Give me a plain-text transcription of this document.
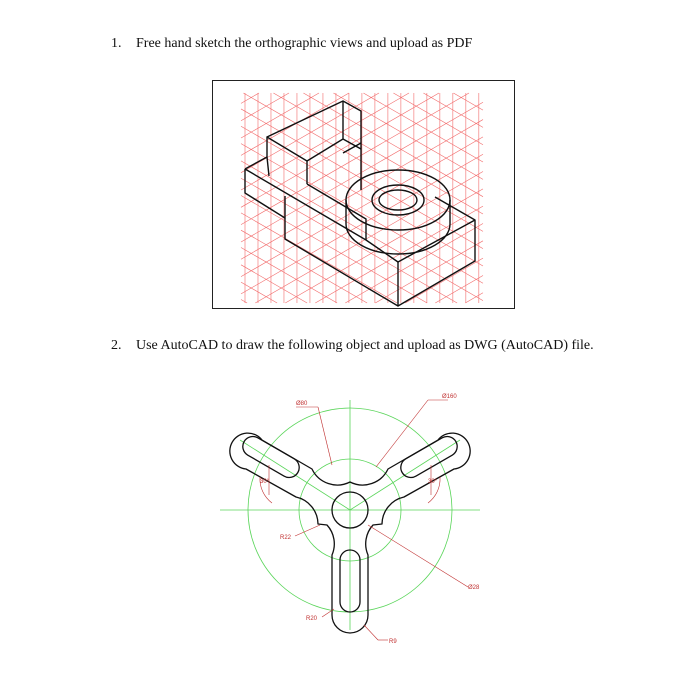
1. Free hand sketch the orthographic views and upload as PDF
2. Use AutoCAD to draw the following object and upload as DWG (AutoCAD) file.
Ø80
Ø160
R22
30°	30°
Ø28
R20
R9
